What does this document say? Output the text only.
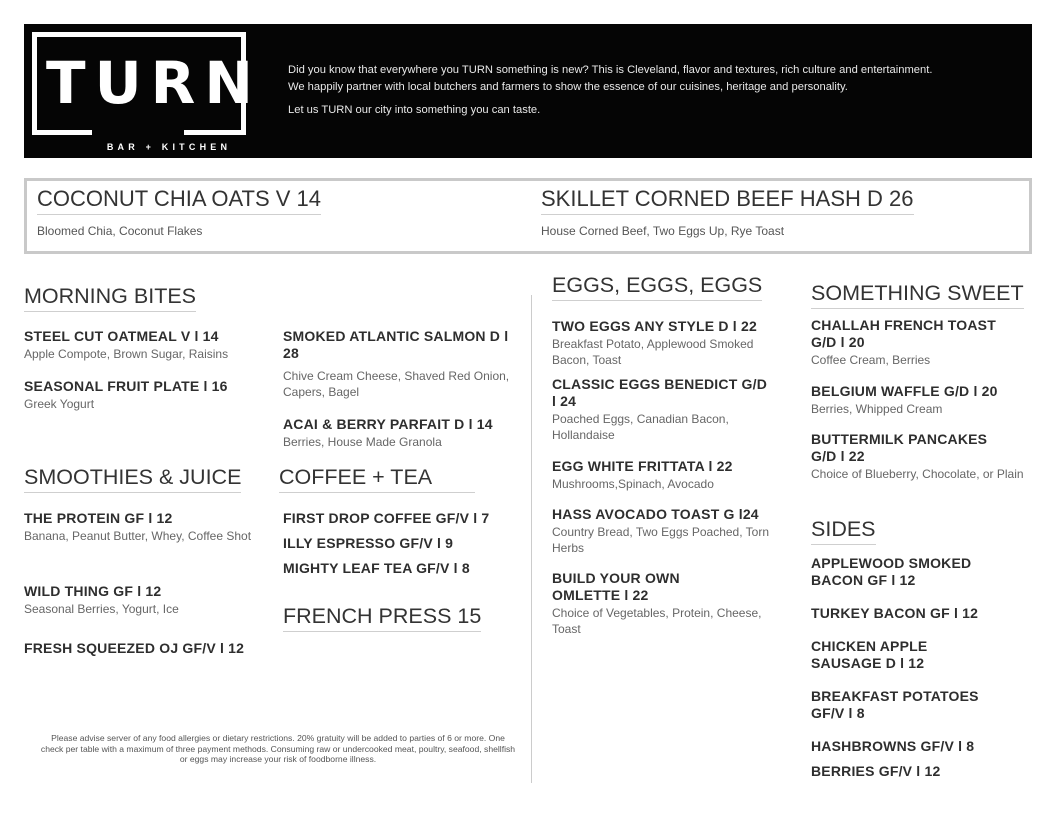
TURN
BAR + KITCHEN

Did you know that everywhere you TURN something is new? This is Cleveland, flavor and textures, rich culture and entertainment.

We happily partner with local butchers and farmers to show the essence of our cuisines, heritage and personality.

Let us TURN our city into something you can taste.

COCONUT CHIA OATS V 14
Bloomed Chia, Coconut Flakes
SKILLET CORNED BEEF HASH D 26
House Corned Beef, Two Eggs Up, Rye Toast
MORNING BITES
STEEL CUT OATMEAL V l 14
Apple Compote, Brown Sugar, Raisins
SEASONAL FRUIT PLATE l 16
Greek Yogurt
SMOKED ATLANTIC SALMON D l 28
Chive Cream Cheese, Shaved Red Onion, Capers, Bagel
ACAI & BERRY PARFAIT D l 14
Berries, House Made Granola
SMOOTHIES & JUICE
THE PROTEIN GF l 12
Banana, Peanut Butter, Whey, Coffee Shot
WILD THING GF l 12
Seasonal Berries, Yogurt, Ice
FRESH SQUEEZED OJ GF/V l 12
COFFEE + TEA
FIRST DROP COFFEE GF/V l 7
ILLY ESPRESSO GF/V l 9
MIGHTY LEAF TEA GF/V l 8
FRENCH PRESS 15
Please advise server of any food allergies or dietary restrictions. 20% gratuity will be added to parties of 6 or more. One check per table with a maximum of three payment methods. Consuming raw or undercooked meat, poultry, seafood, shellfish or eggs may increase your risk of foodborne illness.
EGGS, EGGS, EGGS
TWO EGGS ANY STYLE D l 22
Breakfast Potato, Applewood Smoked Bacon, Toast
CLASSIC EGGS BENEDICT G/D l 24
Poached Eggs, Canadian Bacon, Hollandaise
EGG WHITE FRITTATA l 22
Mushrooms,Spinach, Avocado
HASS AVOCADO TOAST G l24
Country Bread, Two Eggs Poached, Torn Herbs
BUILD YOUR OWN OMLETTE l 22
Choice of Vegetables, Protein, Cheese, Toast
SOMETHING SWEET
CHALLAH FRENCH TOAST G/D l 20
Coffee Cream, Berries
BELGIUM WAFFLE G/D l 20
Berries, Whipped Cream
BUTTERMILK PANCAKES G/D l 22
Choice of Blueberry, Chocolate, or Plain
SIDES
APPLEWOOD SMOKED BACON GF l 12
TURKEY BACON GF l 12
CHICKEN APPLE SAUSAGE D l 12
BREAKFAST POTATOES GF/V l 8
HASHBROWNS GF/V l 8
BERRIES GF/V l 12
